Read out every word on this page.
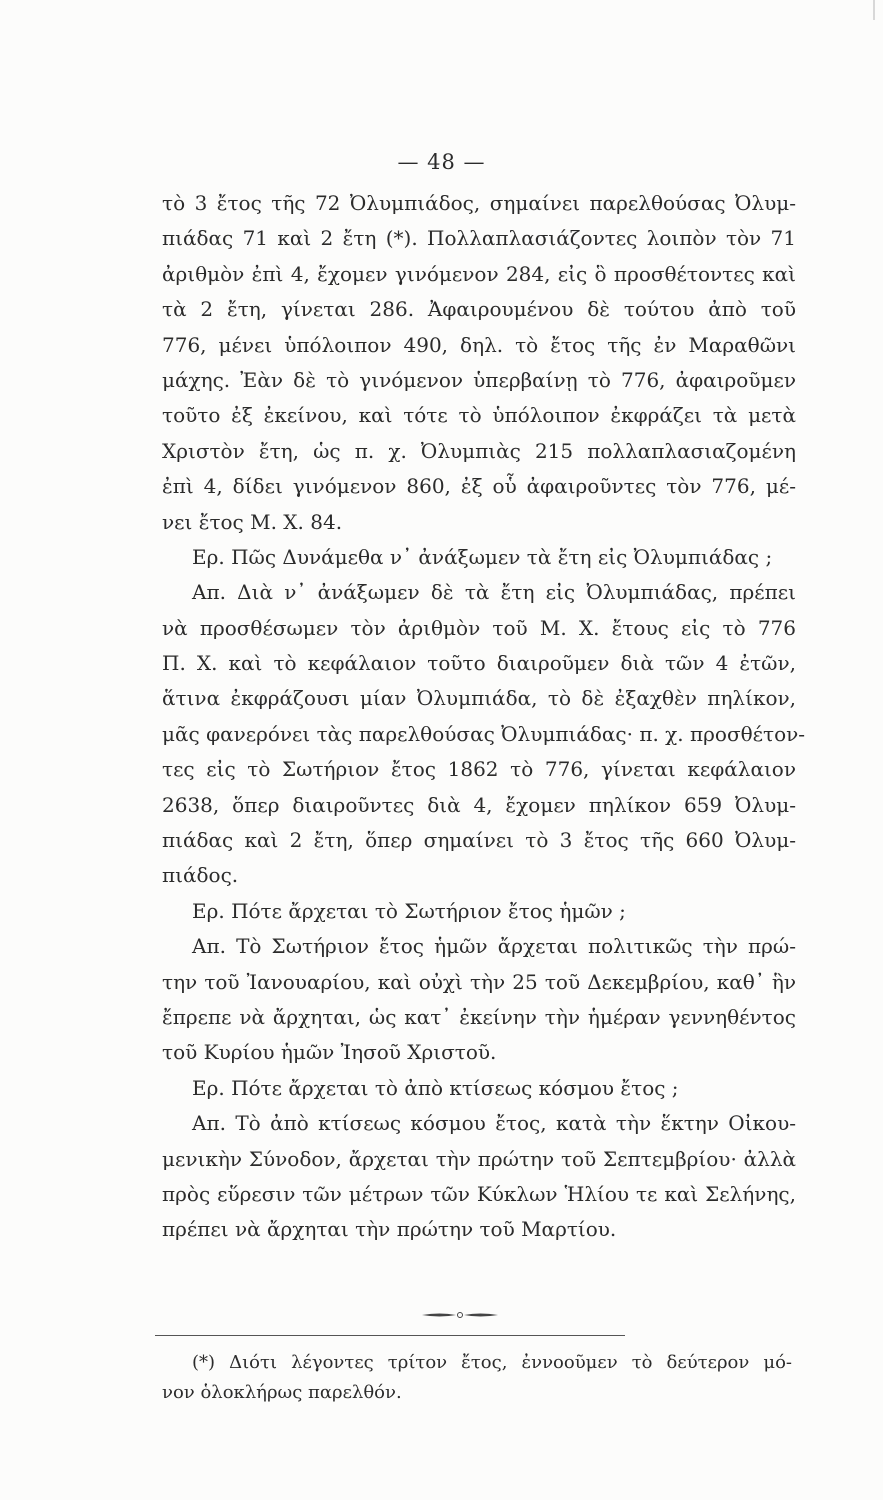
— 48 —
τὸ 3 ἔτος τῆς 72 Ὀλυμπιάδος, σημαίνει παρελθούσας Ὀλυμ-
πιάδας 71 καὶ 2 ἔτη (*). Πολλαπλασιάζοντες λοιπὸν τὸν 71
ἀριθμὸν ἐπὶ 4, ἔχομεν γινόμενον 284, εἰς ὃ προσθέτοντες καὶ
τὰ 2 ἔτη, γίνεται 286. Ἀφαιρουμένου δὲ τούτου ἀπὸ τοῦ
776, μένει ὑπόλοιπον 490, δηλ. τὸ ἔτος τῆς ἐν Μαραθῶνι
μάχης. Ἐὰν δὲ τὸ γινόμενον ὑπερβαίνῃ τὸ 776, ἀφαιροῦμεν
τοῦτο ἐξ ἐκείνου, καὶ τότε τὸ ὑπόλοιπον ἐκφράζει τὰ μετὰ
Χριστὸν ἔτη, ὡς π. χ. Ὀλυμπιὰς 215 πολλαπλασιαζομένη
ἐπὶ 4, δίδει γινόμενον 860, ἐξ οὗ ἀφαιροῦντες τὸν 776, μέ-
νει ἔτος Μ. Χ. 84.
Ερ. Πῶς Δυνάμεθα ν᾿ ἀνάξωμεν τὰ ἔτη εἰς Ὀλυμπιάδας ;
Απ. Διὰ ν᾿ ἀνάξωμεν δὲ τὰ ἔτη εἰς Ὀλυμπιάδας, πρέπει
νὰ προσθέσωμεν τὸν ἀριθμὸν τοῦ Μ. Χ. ἔτους εἰς τὸ 776
Π. Χ. καὶ τὸ κεφάλαιον τοῦτο διαιροῦμεν διὰ τῶν 4 ἐτῶν,
ἅτινα ἐκφράζουσι μίαν Ὀλυμπιάδα, τὸ δὲ ἐξαχθὲν πηλίκον,
μᾶς φανερόνει τὰς παρελθούσας Ὀλυμπιάδας· π. χ. προσθέτον-
τες εἰς τὸ Σωτήριον ἔτος 1862 τὸ 776, γίνεται κεφάλαιον
2638, ὅπερ διαιροῦντες διὰ 4, ἔχομεν πηλίκον 659 Ὀλυμ-
πιάδας καὶ 2 ἔτη, ὅπερ σημαίνει τὸ 3 ἔτος τῆς 660 Ὀλυμ-
πιάδος.
Ερ. Πότε ἄρχεται τὸ Σωτήριον ἔτος ἡμῶν ;
Απ. Τὸ Σωτήριον ἔτος ἡμῶν ἄρχεται πολιτικῶς τὴν πρώ-
την τοῦ Ἰανουαρίου, καὶ οὐχὶ τὴν 25 τοῦ Δεκεμβρίου, καθ᾿ ἣν
ἔπρεπε νὰ ἄρχηται, ὡς κατ᾿ ἐκείνην τὴν ἡμέραν γεννηθέντος
τοῦ Κυρίου ἡμῶν Ἰησοῦ Χριστοῦ.
Ερ. Πότε ἄρχεται τὸ ἀπὸ κτίσεως κόσμου ἔτος ;
Απ. Τὸ ἀπὸ κτίσεως κόσμου ἔτος, κατὰ τὴν ἕκτην Οἰκου-
μενικὴν Σύνοδον, ἄρχεται τὴν πρώτην τοῦ Σεπτεμβρίου· ἀλλὰ
πρὸς εὕρεσιν τῶν μέτρων τῶν Κύκλων Ἡλίου τε καὶ Σελήνης,
πρέπει νὰ ἄρχηται τὴν πρώτην τοῦ Μαρτίου.
(*) Διότι λέγοντες τρίτον ἔτος, ἐννοοῦμεν τὸ δεύτερον μό-
νον ὁλοκλήρως παρελθόν.
